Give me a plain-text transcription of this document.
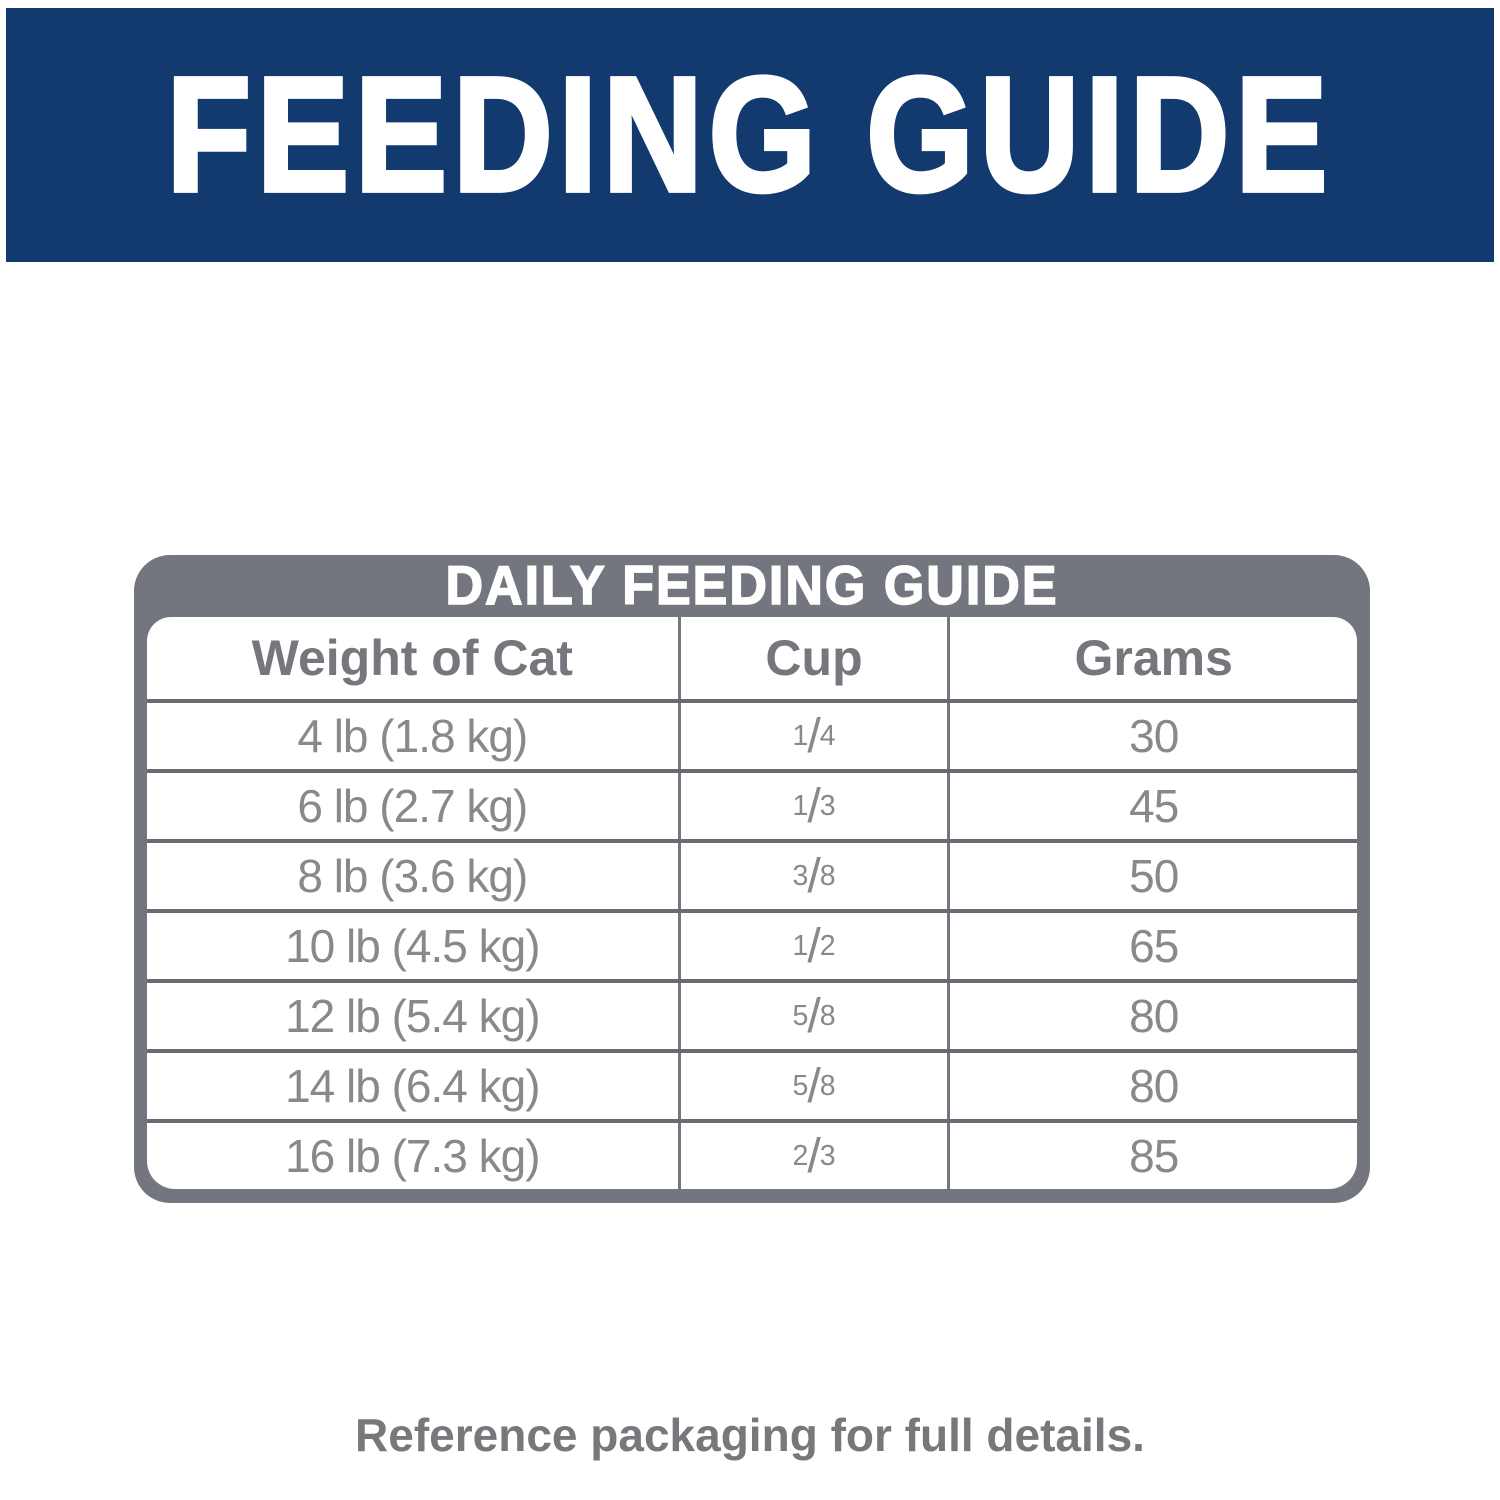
FEEDING GUIDE
DAILY FEEDING GUIDE
Weight of Cat	Cup	Grams
4 lb (1.8 kg)	1 / 4	30
6 lb (2.7 kg)	1 / 3	45
8 lb (3.6 kg)	3 / 8	50
10 lb (4.5 kg)	1 / 2	65
12 lb (5.4 kg)	5 / 8	80
14 lb (6.4 kg)	5 / 8	80
16 lb (7.3 kg)	2 / 3	85
Reference packaging for full details.
